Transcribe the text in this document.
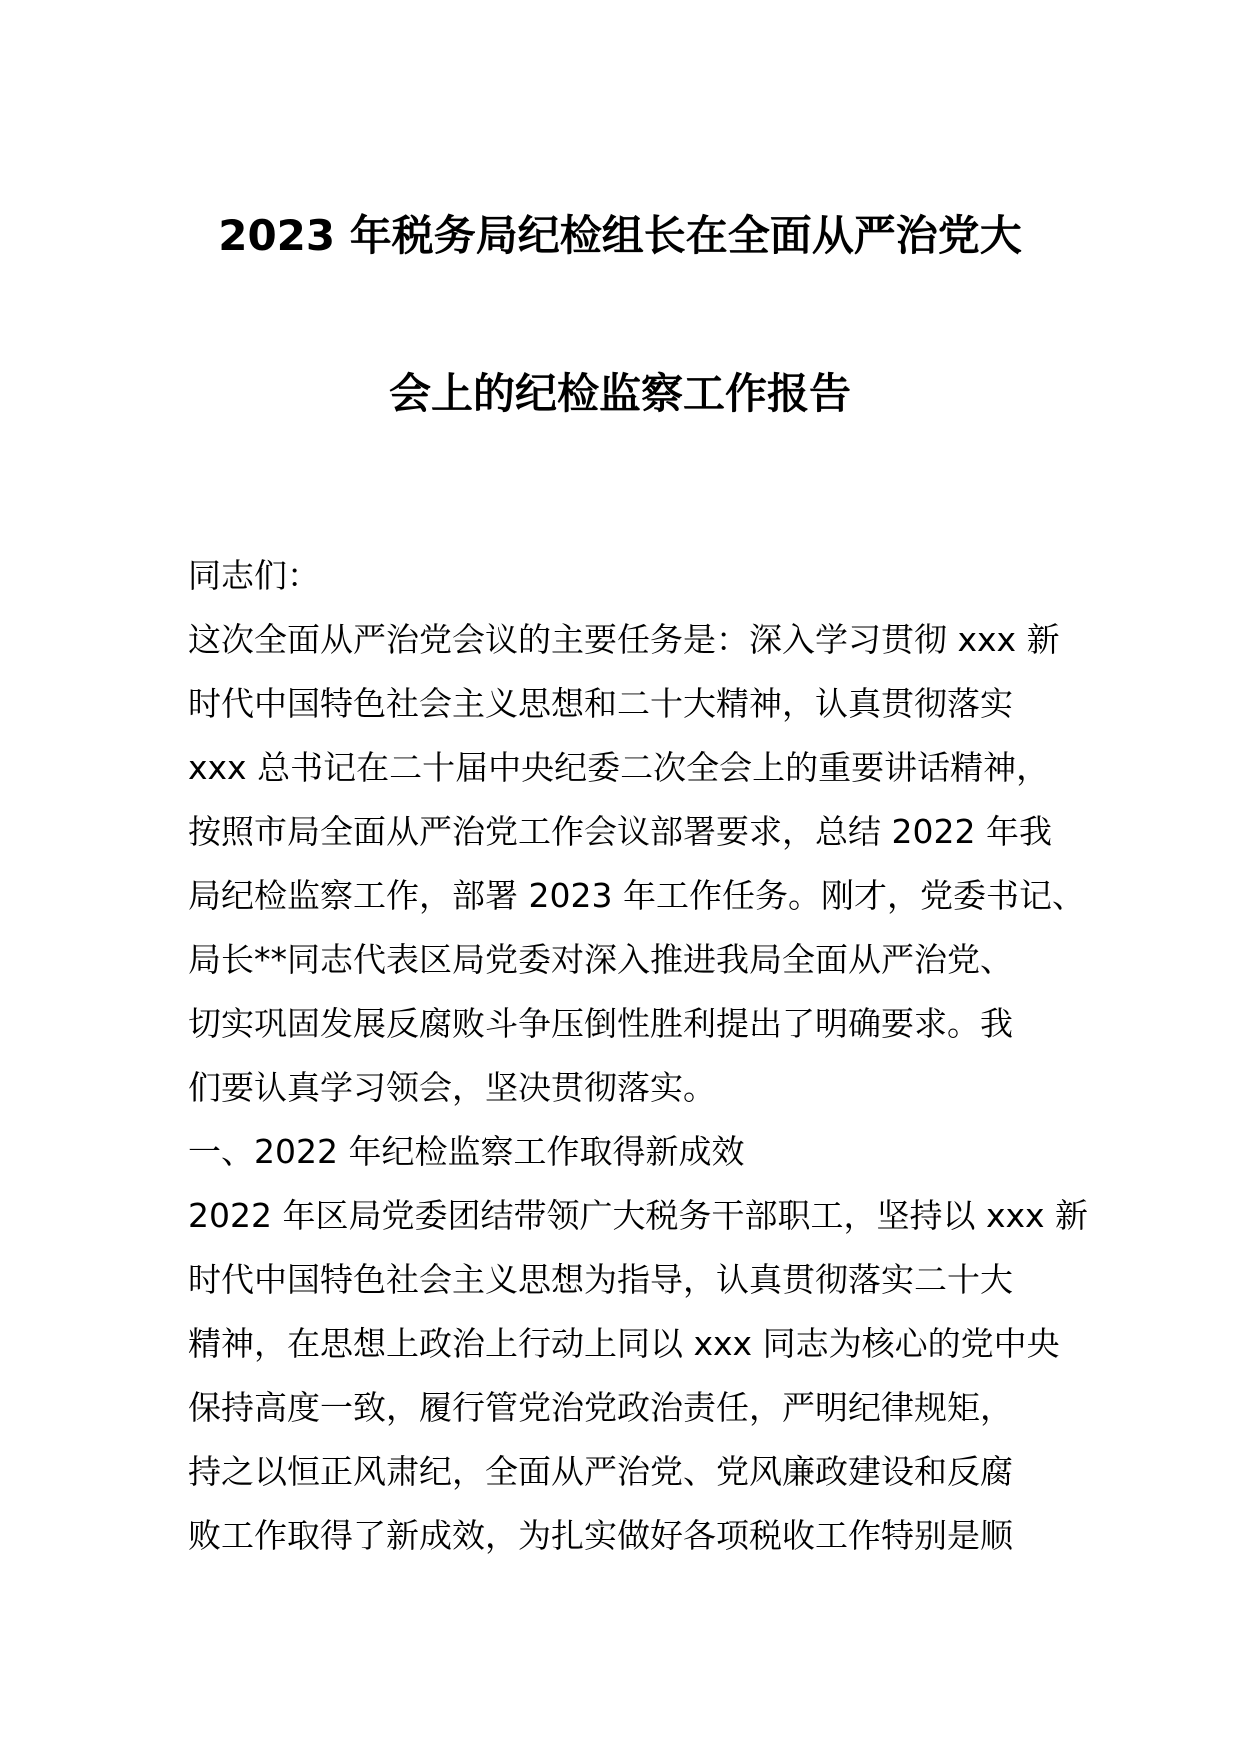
2023 年税务局纪检组长在全面从严治党大
会上的纪检监察工作报告

同志们：

这次全面从严治党会议的主要任务是：深入学习贯彻 xxx 新

时代中国特色社会主义思想和二十大精神，认真贯彻落实

xxx 总书记在二十届中央纪委二次全会上的重要讲话精神，

按照市局全面从严治党工作会议部署要求，总结 2022 年我

局纪检监察工作，部署 2023 年工作任务。刚才，党委书记、

局长**同志代表区局党委对深入推进我局全面从严治党、

切实巩固发展反腐败斗争压倒性胜利提出了明确要求。我

们要认真学习领会，坚决贯彻落实。

一、2022 年纪检监察工作取得新成效

2022 年区局党委团结带领广大税务干部职工，坚持以 xxx 新

时代中国特色社会主义思想为指导，认真贯彻落实二十大

精神，在思想上政治上行动上同以 xxx 同志为核心的党中央

保持高度一致，履行管党治党政治责任，严明纪律规矩，

持之以恒正风肃纪，全面从严治党、党风廉政建设和反腐

败工作取得了新成效，为扎实做好各项税收工作特别是顺
